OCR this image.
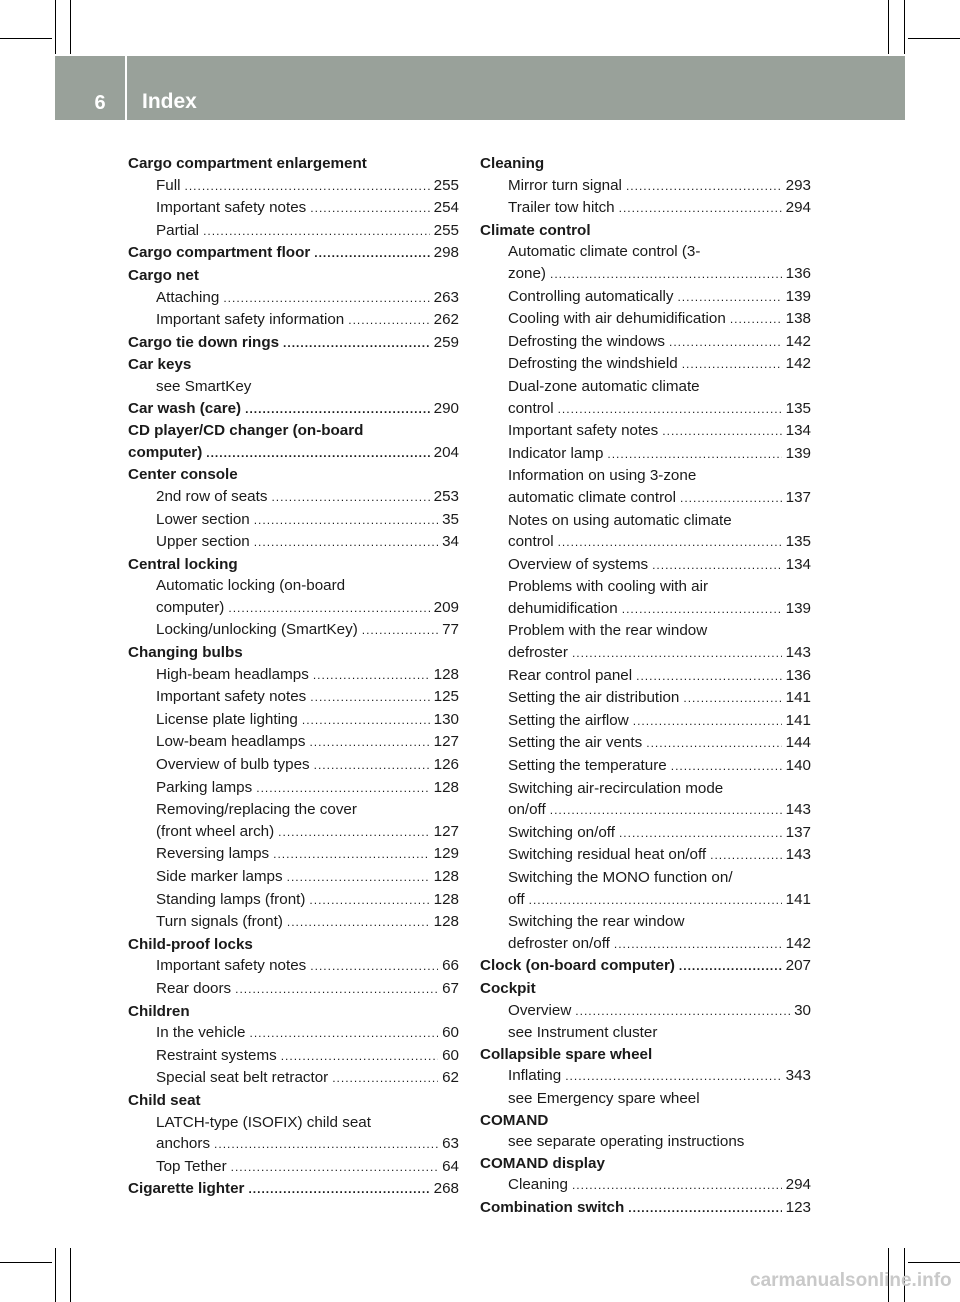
6	Index
Cargo compartment enlargement
Full .....	255
Important safety notes .....	254
Partial .....	255
Cargo compartment floor .....	298
Cargo net
Attaching .....	263
Important safety information .....	262
Cargo tie down rings .....	259
Car keys
see SmartKey
Car wash (care) .....	290
CD player/CD changer (on-board
computer) .....	204
Center console
2nd row of seats .....	253
Lower section .....	35
Upper section .....	34
Central locking
Automatic locking (on-board
computer) .....	209
Locking/unlocking (SmartKey) .....	77
Changing bulbs
High-beam headlamps .....	128
Important safety notes .....	125
License plate lighting .....	130
Low-beam headlamps .....	127
Overview of bulb types .....	126
Parking lamps .....	128
Removing/replacing the cover
(front wheel arch) .....	127
Reversing lamps .....	129
Side marker lamps .....	128
Standing lamps (front) .....	128
Turn signals (front) .....	128
Child-proof locks
Important safety notes .....	66
Rear doors .....	67
Children
In the vehicle .....	60
Restraint systems .....	60
Special seat belt retractor .....	62
Child seat
LATCH-type (ISOFIX) child seat
anchors .....	63
Top Tether .....	64
Cigarette lighter .....	268
Cleaning
Mirror turn signal .....	293
Trailer tow hitch .....	294
Climate control
Automatic climate control (3-
zone) .....	136
Controlling automatically .....	139
Cooling with air dehumidification .....	138
Defrosting the windows .....	142
Defrosting the windshield .....	142
Dual-zone automatic climate
control .....	135
Important safety notes .....	134
Indicator lamp .....	139
Information on using 3-zone
automatic climate control .....	137
Notes on using automatic climate
control .....	135
Overview of systems .....	134
Problems with cooling with air
dehumidification .....	139
Problem with the rear window
defroster .....	143
Rear control panel .....	136
Setting the air distribution .....	141
Setting the airflow .....	141
Setting the air vents .....	144
Setting the temperature .....	140
Switching air-recirculation mode
on/off .....	143
Switching on/off .....	137
Switching residual heat on/off .....	143
Switching the MONO function on/
off .....	141
Switching the rear window
defroster on/off .....	142
Clock (on-board computer) .....	207
Cockpit
Overview .....	30
see Instrument cluster
Collapsible spare wheel
Inflating .....	343
see Emergency spare wheel
COMAND
see separate operating instructions
COMAND display
Cleaning .....	294
Combination switch .....	123
carmanualsonline.info
